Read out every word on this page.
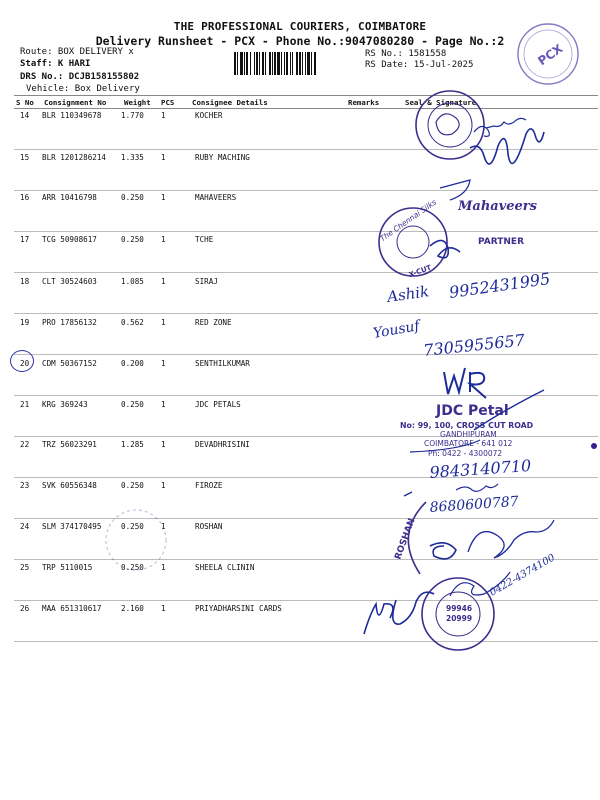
THE PROFESSIONAL COURIERS, COIMBATORE
Delivery Runsheet - PCX - Phone No.:9047080280 - Page No.:2
Route: BOX DELIVERY x
Staff: K HARI
DRS No.: DCJB158155802
Vehicle: Box Delivery
RS No.: 1581558
RS Date: 15-Jul-2025
S No Consignment No Weight PCS Consignee Details	Remarks	Seal & Signature
14 BLR 110349678	1.770 1	KOCHER
15 BLR 1201286214 1.335 1	RUBY MACHING
16 ARR 10416798	0.250 1	MAHAVEERS
17 TCG 50908617	0.250 1	TCHE
18 CLT 30524603	1.085 1	SIRAJ
19 PRO 17856132	0.562 1	RED ZONE
20 CDM 50367152	0.200 1	SENTHILKUMAR
21 KRG 369243	0.250 1	JDC PETALS
22 TRZ 56023291	1.285 1	DEVADHRISINI
23 SVK 60556348	0.250 1	FIROZE
24 SLM 374170495	0.250 1	ROSHAN
25 TRP 5110015	0.250 1	SHEELA CLININ
26 MAA 651310617	2.160 1	PRIYADHARSINI CARDS
PCX
Mahaveers
PARTNER
The Chennai Silks
X-CUT
Ashik 9952431995
Yousuf
7305955657
JDC Petal
No: 99, 100, CROSS CUT ROAD
GANDHIPURAM
COIMBATORE - 641 012
Ph: 0422 - 4300072
9843140710
8680600787
ROSHAN
0422-4374100
99946
20999
